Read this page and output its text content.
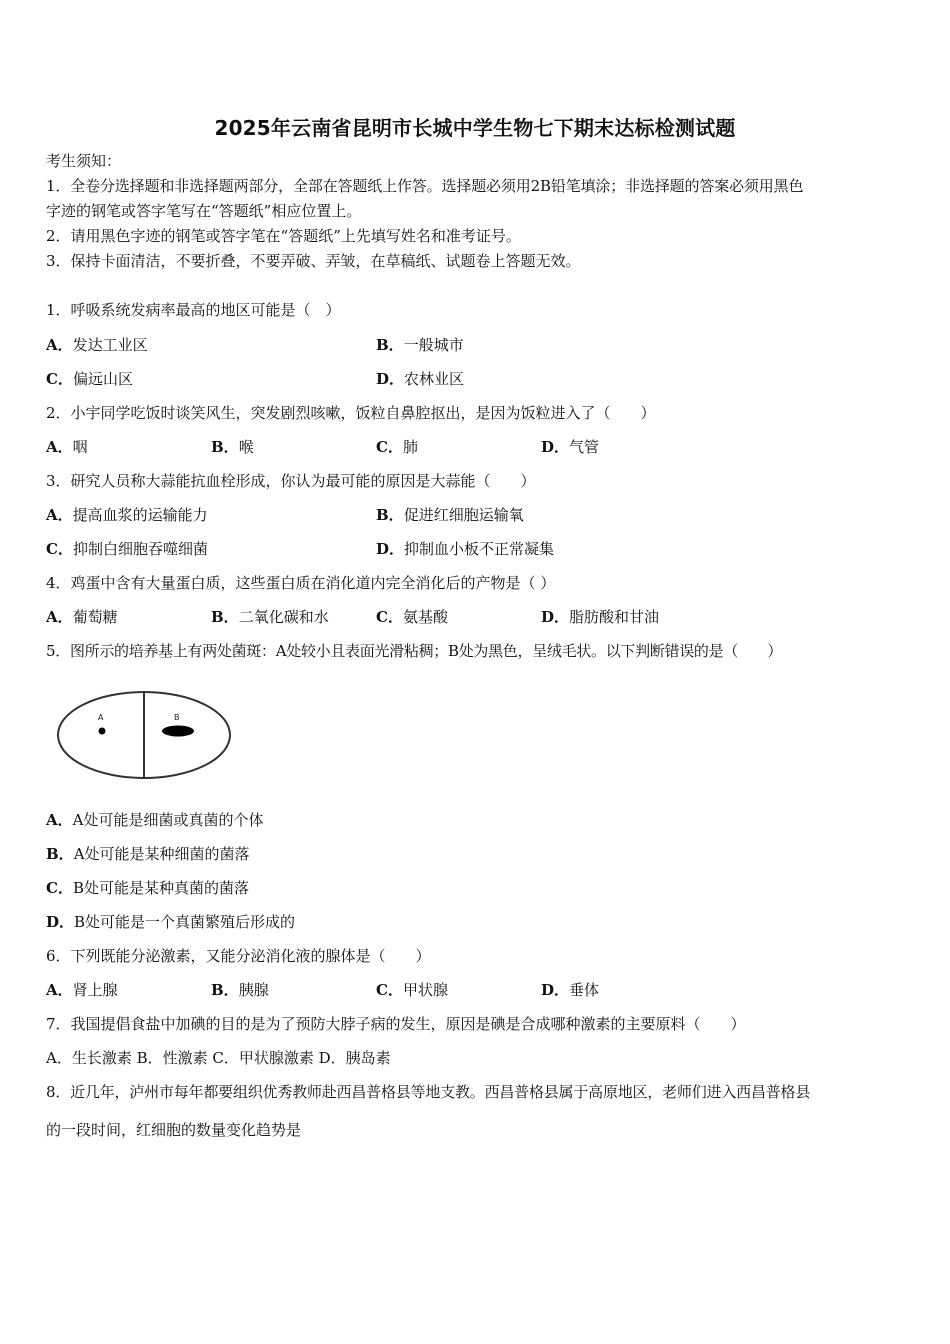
2025年云南省昆明市长城中学生物七下期末达标检测试题
考生须知：
1．全卷分选择题和非选择题两部分，全部在答题纸上作答。选择题必须用2B铅笔填涂；非选择题的答案必须用黑色
字迹的钢笔或答字笔写在“答题纸”相应位置上。
2．请用黑色字迹的钢笔或答字笔在“答题纸”上先填写姓名和准考证号。
3．保持卡面清洁，不要折叠，不要弄破、弄皱，在草稿纸、试题卷上答题无效。
1．呼吸系统发病率最高的地区可能是（　）
A．发达工业区	B．一般城市
C．偏远山区	D．农林业区
2．小宇同学吃饭时谈笑风生，突发剧烈咳嗽，饭粒自鼻腔抠出，是因为饭粒进入了（　　）
A．咽	B．喉	C．肺	D．气管
3．研究人员称大蒜能抗血栓形成，你认为最可能的原因是大蒜能（　　）
A．提高血浆的运输能力	B．促进红细胞运输氧
C．抑制白细胞吞噬细菌	D．抑制血小板不正常凝集
4．鸡蛋中含有大量蛋白质，这些蛋白质在消化道内完全消化后的产物是（ ）
A．葡萄糖	B．二氧化碳和水	C．氨基酸	D．脂肪酸和甘油
5．图所示的培养基上有两处菌斑：A处较小且表面光滑粘稠；B处为黑色，呈绒毛状。以下判断错误的是（　　）
A	B
A．A处可能是细菌或真菌的个体
B．A处可能是某种细菌的菌落
C．B处可能是某种真菌的菌落
D．B处可能是一个真菌繁殖后形成的
6．下列既能分泌激素，又能分泌消化液的腺体是（　　）
A．肾上腺	B．胰腺	C．甲状腺	D．垂体
7．我国提倡食盐中加碘的目的是为了预防大脖子病的发生，原因是碘是合成哪种激素的主要原料（　　）
A．生长激素 B．性激素 C．甲状腺激素 D．胰岛素
8．近几年，泸州市每年都要组织优秀教师赴西昌普格县等地支教。西昌普格县属于高原地区，老师们进入西昌普格县
的一段时间，红细胞的数量变化趋势是
